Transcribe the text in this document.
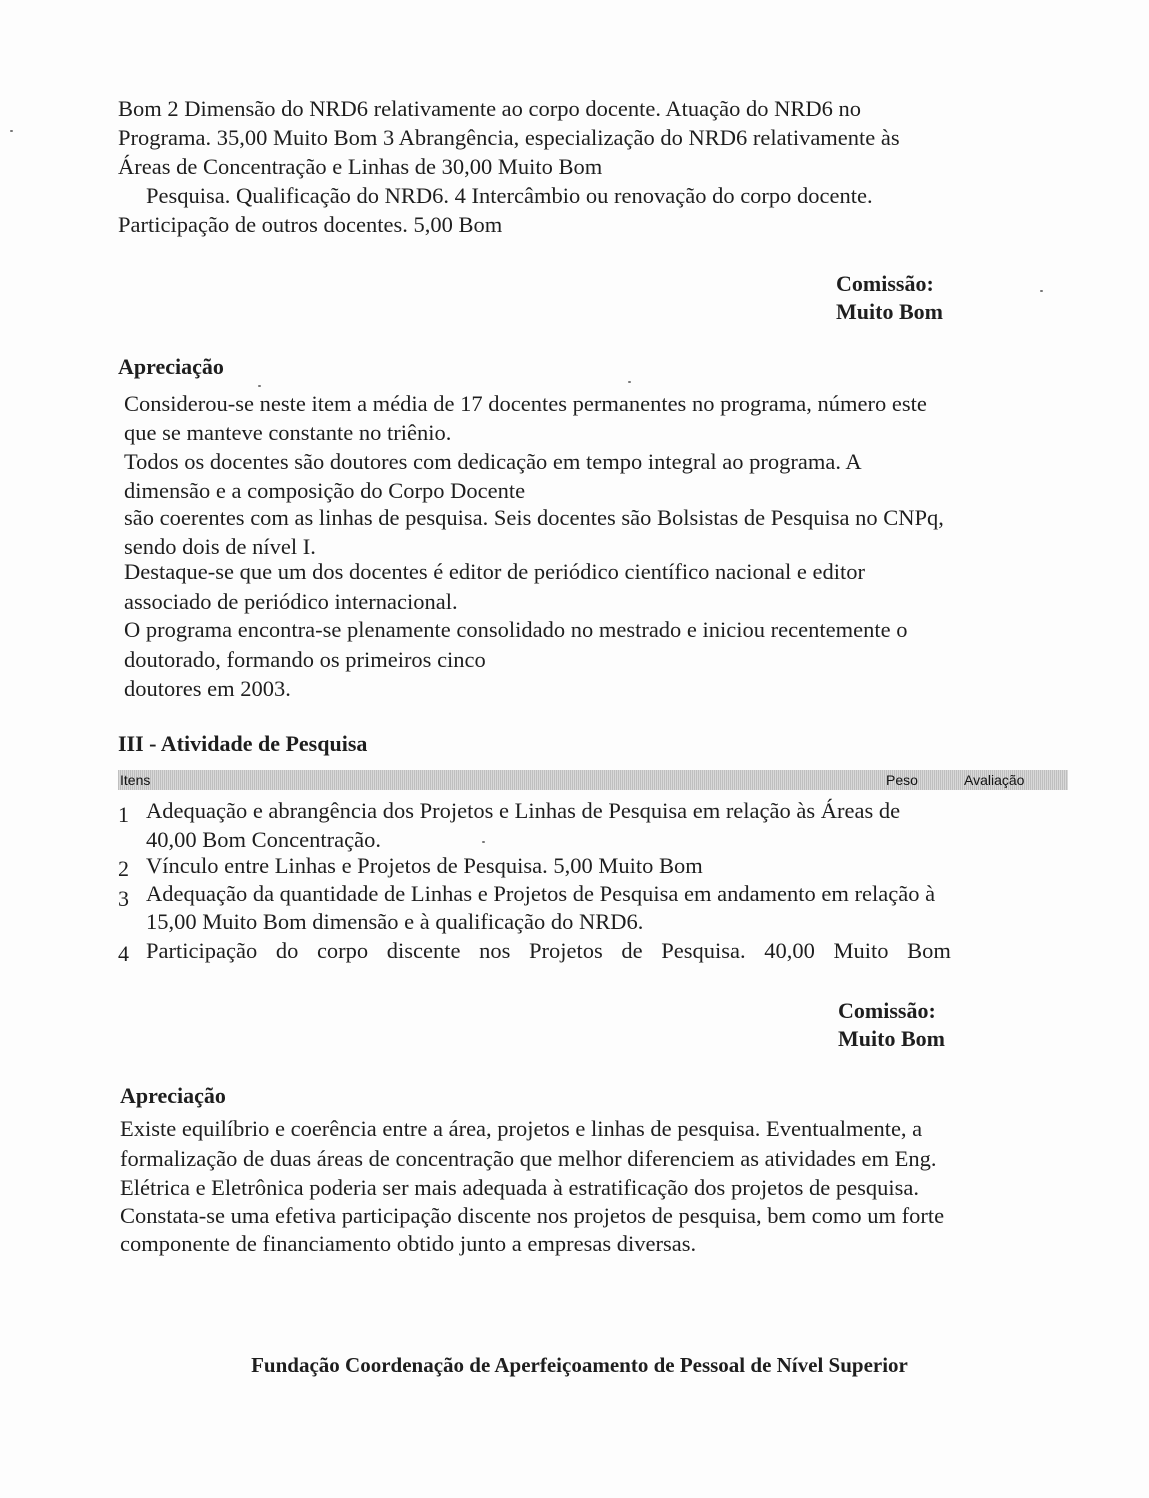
Bom 2 Dimensão do NRD6 relativamente ao corpo docente. Atuação do NRD6 no
Programa. 35,00 Muito Bom 3 Abrangência, especialização do NRD6 relativamente às
Áreas de Concentração e Linhas de 30,00 Muito Bom
Pesquisa. Qualificação do NRD6. 4 Intercâmbio ou renovação do corpo docente.
Participação de outros docentes. 5,00 Bom
Comissão:
Muito Bom
Apreciação
Considerou-se neste item a média de 17 docentes permanentes no programa, número este
que se manteve constante no triênio.
Todos os docentes são doutores com dedicação em tempo integral ao programa. A
dimensão e a composição do Corpo Docente
são coerentes com as linhas de pesquisa. Seis docentes são Bolsistas de Pesquisa no CNPq,
sendo dois de nível I.
Destaque-se que um dos docentes é editor de periódico científico nacional e editor
associado de periódico internacional.
O programa encontra-se plenamente consolidado no mestrado e iniciou recentemente o
doutorado, formando os primeiros cinco
doutores em 2003.
III - Atividade de Pesquisa
Itens	Peso	Avaliação
1 Adequação e abrangência dos Projetos e Linhas de Pesquisa em relação às Áreas de
40,00 Bom Concentração.
2 Vínculo entre Linhas e Projetos de Pesquisa. 5,00 Muito Bom
3 Adequação da quantidade de Linhas e Projetos de Pesquisa em andamento em relação à
15,00 Muito Bom dimensão e à qualificação do NRD6.
4 Participação do corpo discente nos Projetos de Pesquisa. 40,00 Muito Bom
Comissão:
Muito Bom
Apreciação
Existe equilíbrio e coerência entre a área, projetos e linhas de pesquisa. Eventualmente, a
formalização de duas áreas de concentração que melhor diferenciem as atividades em Eng.
Elétrica e Eletrônica poderia ser mais adequada à estratificação dos projetos de pesquisa.
Constata-se uma efetiva participação discente nos projetos de pesquisa, bem como um forte
componente de financiamento obtido junto a empresas diversas.
Fundação Coordenação de Aperfeiçoamento de Pessoal de Nível Superior
